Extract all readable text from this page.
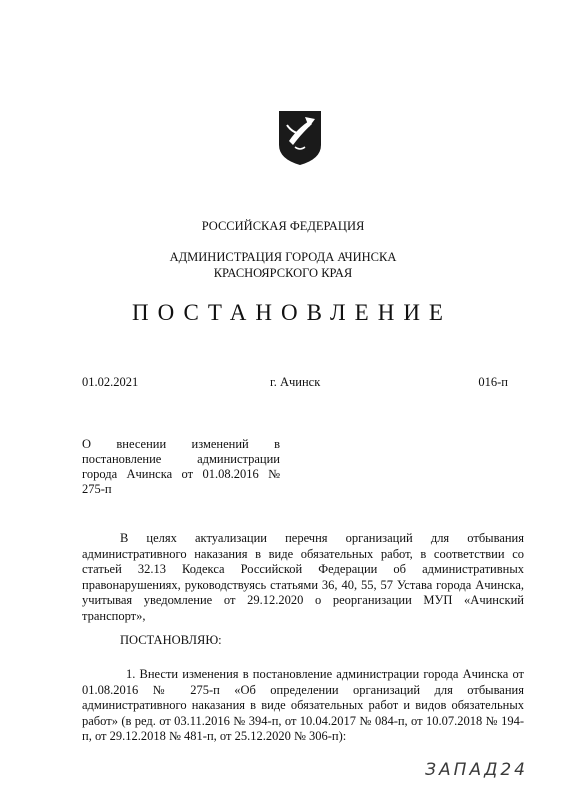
РОССИЙСКАЯ ФЕДЕРАЦИЯ
АДМИНИСТРАЦИЯ ГОРОДА АЧИНСКА
КРАСНОЯРСКОГО КРАЯ
ПОСТАНОВЛЕНИЕ
01.02.2021	г. Ачинск	016-п
О внесении изменений в постановление администрации города Ачинска от 01.08.2016 № 275-п
В целях актуализации перечня организаций для отбывания административного наказания в виде обязательных работ, в соответствии со статьей 32.13 Кодекса Российской Федерации об административных правонарушениях, руководствуясь статьями 36, 40, 55, 57 Устава города Ачинска, учитывая уведомление от 29.12.2020 о реорганизации МУП «Ачинский транспорт»,
ПОСТАНОВЛЯЮ:
1. Внести изменения в постановление администрации города Ачинска от 01.08.2016 № 275-п «Об определении организаций для отбывания административного наказания в виде обязательных работ и видов обязательных работ» (в ред. от 03.11.2016 № 394-п, от 10.04.2017 № 084-п, от 10.07.2018 № 194-п, от 29.12.2018 № 481-п, от 25.12.2020 № 306-п):
ЗАПАД24
